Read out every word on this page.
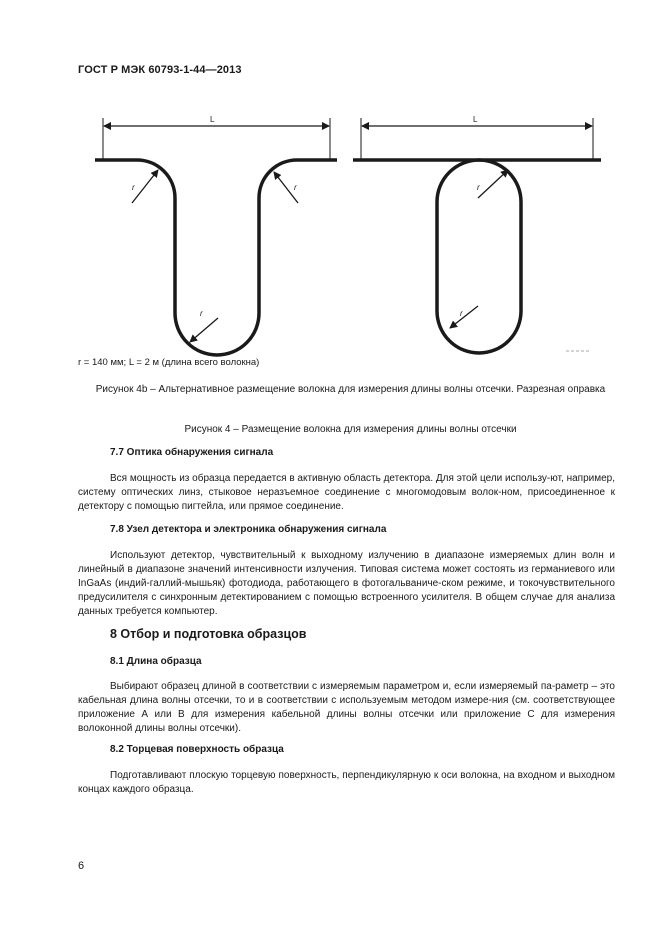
ГОСТ Р МЭК 60793-1-44—2013
L
r	r
r
L
r
r
r = 140 мм; L = 2 м (длина всего волокна)
Рисунок 4b – Альтернативное размещение волокна для измерения длины волны отсечки. Разрезная оправка
Рисунок 4 – Размещение волокна для измерения длины волны отсечки
7.7 Оптика обнаружения сигнала
Вся мощность из образца передается в активную область детектора. Для этой цели использу-ют, например, систему оптических линз, стыковое неразъемное соединение с многомодовым волок-ном, присоединенное к детектору с помощью пигтейла, или прямое соединение.
7.8 Узел детектора и электроника обнаружения сигнала
Используют детектор, чувствительный к выходному излучению в диапазоне измеряемых длин волн и линейный в диапазоне значений интенсивности излучения. Типовая система может состоять из германиевого или InGaAs (индий-галлий-мышьяк) фотодиода, работающего в фотогальваниче-ском режиме, и токочувствительного предусилителя с синхронным детектированием с помощью встроенного усилителя. В общем случае для анализа данных требуется компьютер.
8 Отбор и подготовка образцов
8.1 Длина образца
Выбирают образец длиной в соответствии с измеряемым параметром и, если измеряемый па-раметр – это кабельная длина волны отсечки, то и в соответствии с используемым методом измере-ния (см. соответствующее приложение А или В для измерения кабельной длины волны отсечки или приложение С для измерения волоконной длины волны отсечки).
8.2 Торцевая поверхность образца
Подготавливают плоскую торцевую поверхность, перпендикулярную к оси волокна, на входном и выходном концах каждого образца.
6
